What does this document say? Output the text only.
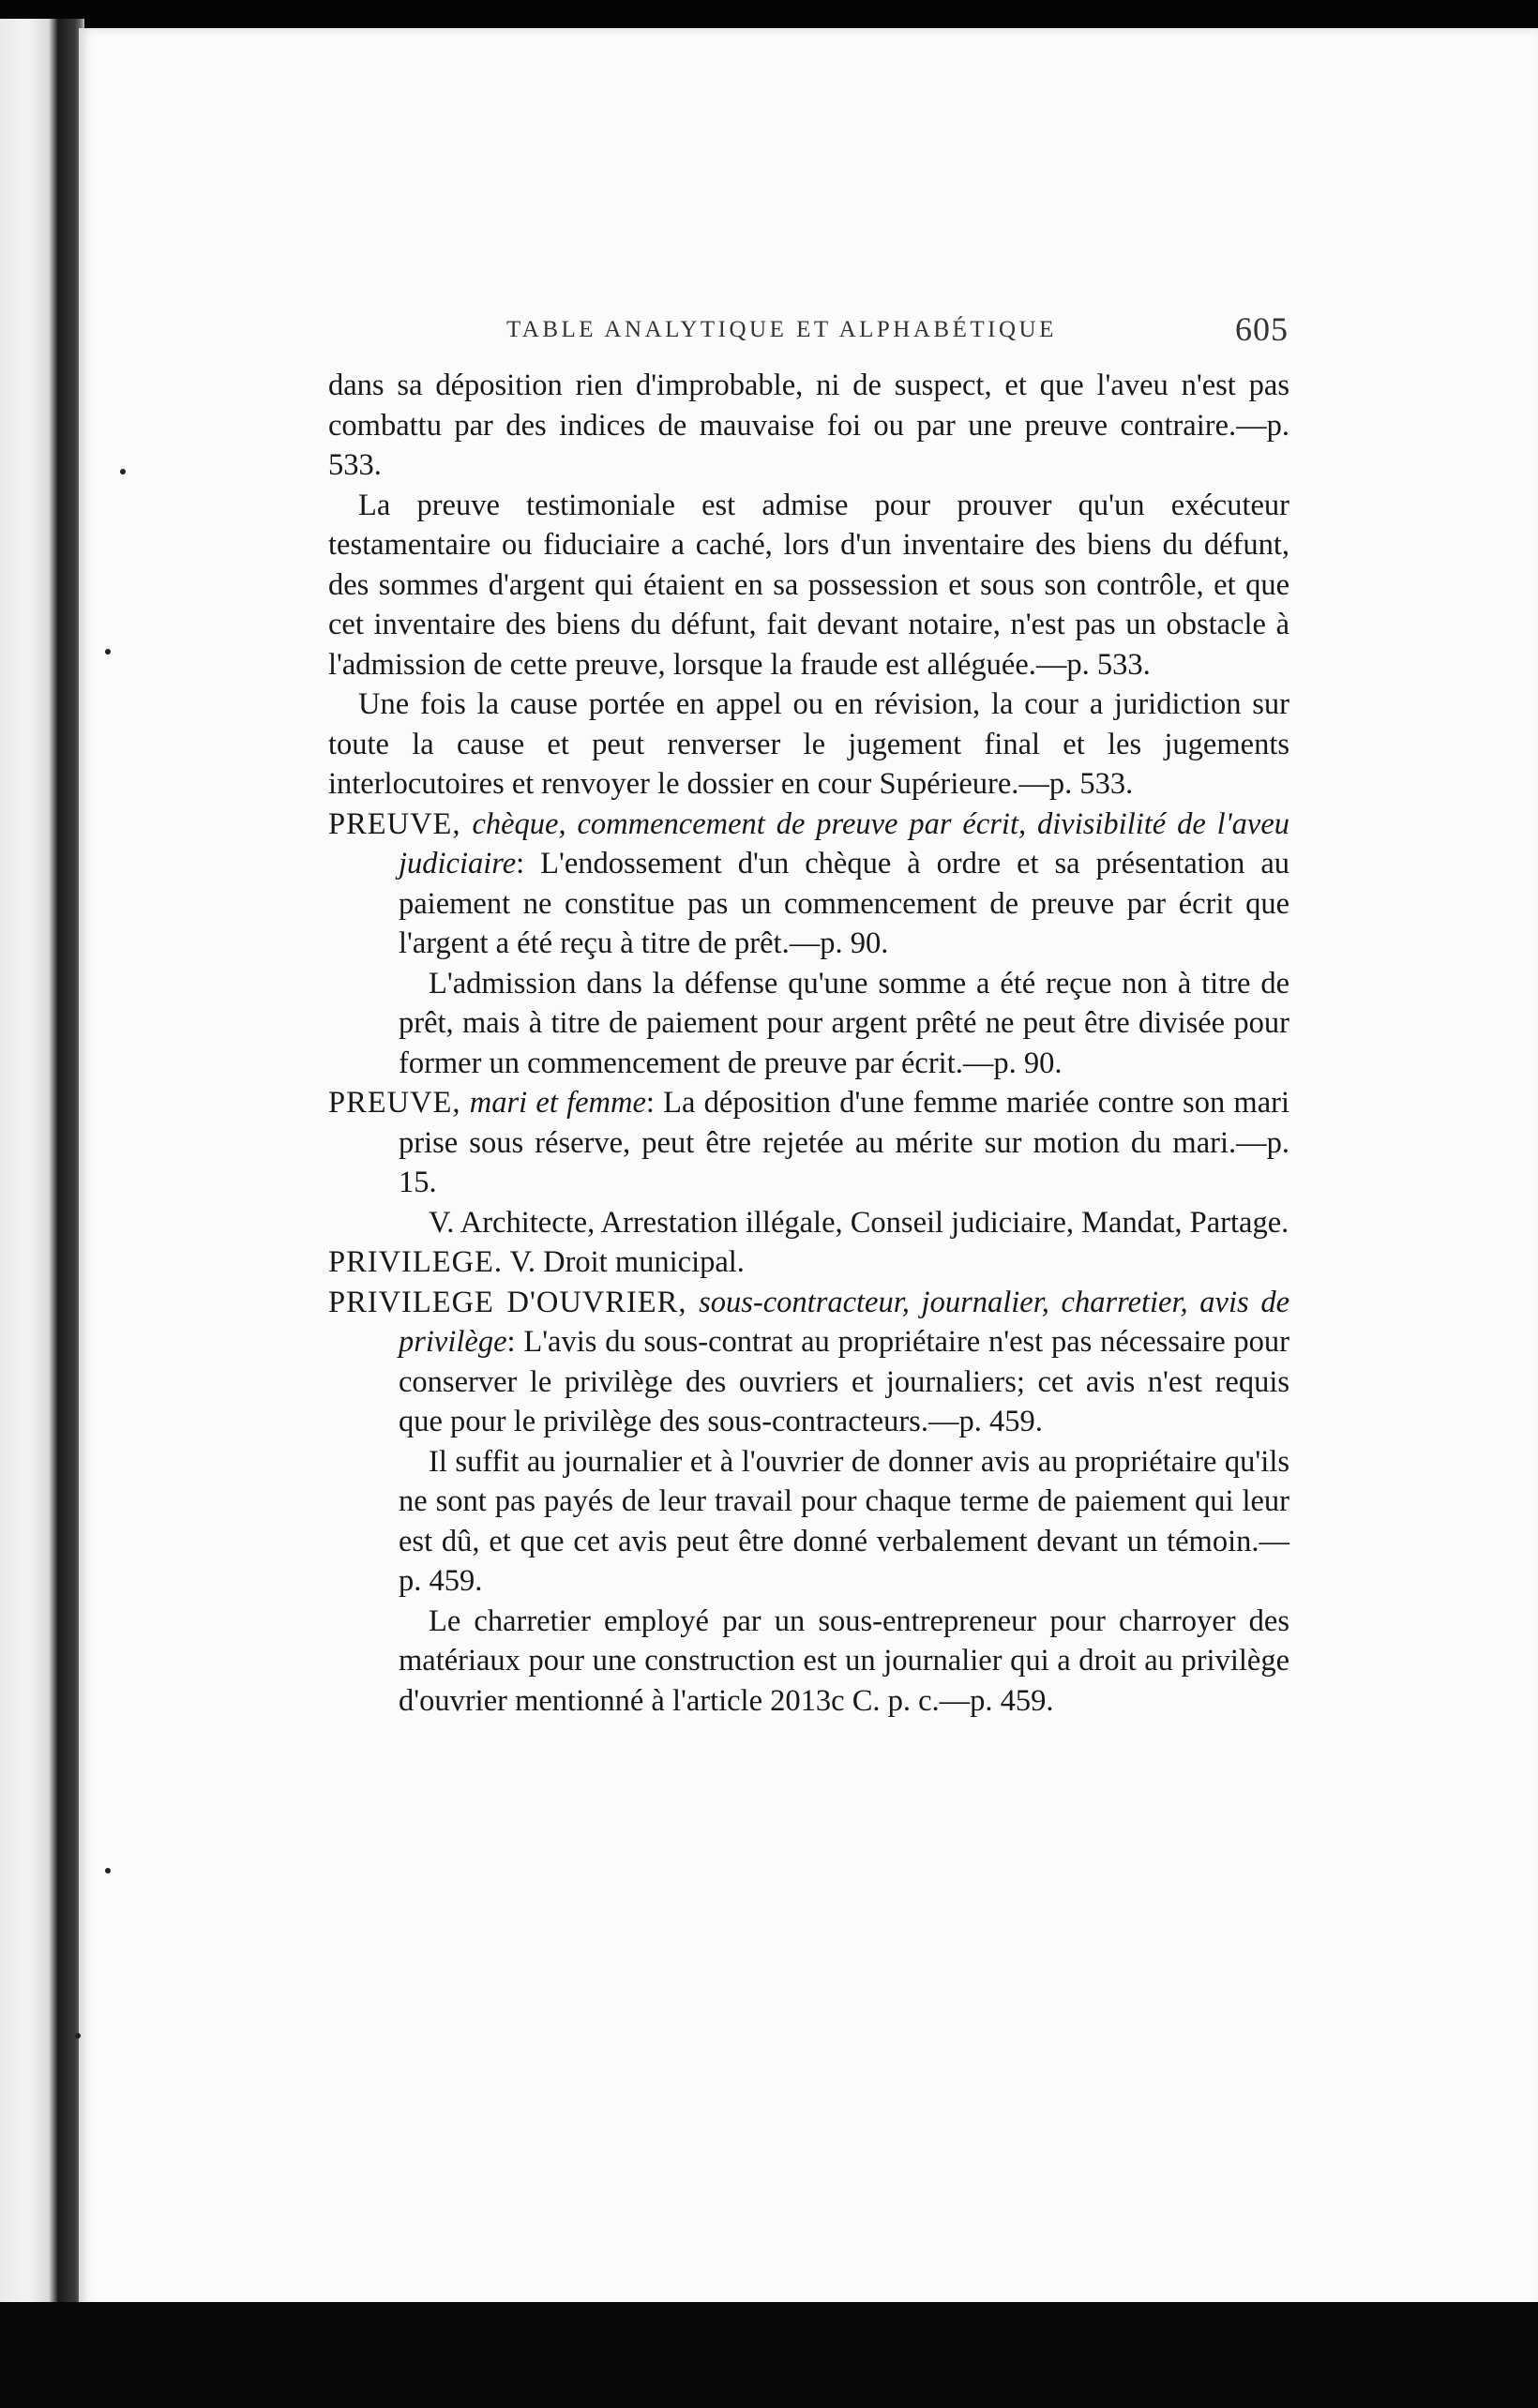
TABLE ANALYTIQUE ET ALPHABÉTIQUE	605

dans sa déposition rien d'improbable, ni de suspect, et que l'aveu n'est pas combattu par des indices de mauvaise foi ou par une preuve contraire.—p. 533.

La preuve testimoniale est admise pour prouver qu'un exécuteur testamentaire ou fiduciaire a caché, lors d'un inventaire des biens du défunt, des sommes d'argent qui étaient en sa possession et sous son contrôle, et que cet inventaire des biens du défunt, fait devant notaire, n'est pas un obstacle à l'admission de cette preuve, lorsque la fraude est alléguée.—p. 533.

Une fois la cause portée en appel ou en révision, la cour a juridiction sur toute la cause et peut renverser le jugement final et les jugements interlocutoires et renvoyer le dossier en cour Supérieure.—p. 533.

PREUVE, chèque, commencement de preuve par écrit, divisibilité de l'aveu judiciaire: L'endossement d'un chèque à ordre et sa présentation au paiement ne constitue pas un commencement de preuve par écrit que l'argent a été reçu à titre de prêt.—p. 90.

L'admission dans la défense qu'une somme a été reçue non à titre de prêt, mais à titre de paiement pour argent prêté ne peut être divisée pour former un commencement de preuve par écrit.—p. 90.

PREUVE, mari et femme: La déposition d'une femme mariée contre son mari prise sous réserve, peut être rejetée au mérite sur motion du mari.—p. 15.

V. Architecte, Arrestation illégale, Conseil judiciaire, Mandat, Partage.

PRIVILEGE. V. Droit municipal.

PRIVILEGE D'OUVRIER, sous-contracteur, journalier, charretier, avis de privilège: L'avis du sous-contrat au propriétaire n'est pas nécessaire pour conserver le privilège des ouvriers et journaliers; cet avis n'est requis que pour le privilège des sous-contracteurs.—p. 459.

Il suffit au journalier et à l'ouvrier de donner avis au propriétaire qu'ils ne sont pas payés de leur travail pour chaque terme de paiement qui leur est dû, et que cet avis peut être donné verbalement devant un témoin.—p. 459.

Le charretier employé par un sous-entrepreneur pour charroyer des matériaux pour une construction est un journalier qui a droit au privilège d'ouvrier mentionné à l'article 2013c C. p. c.—p. 459.
